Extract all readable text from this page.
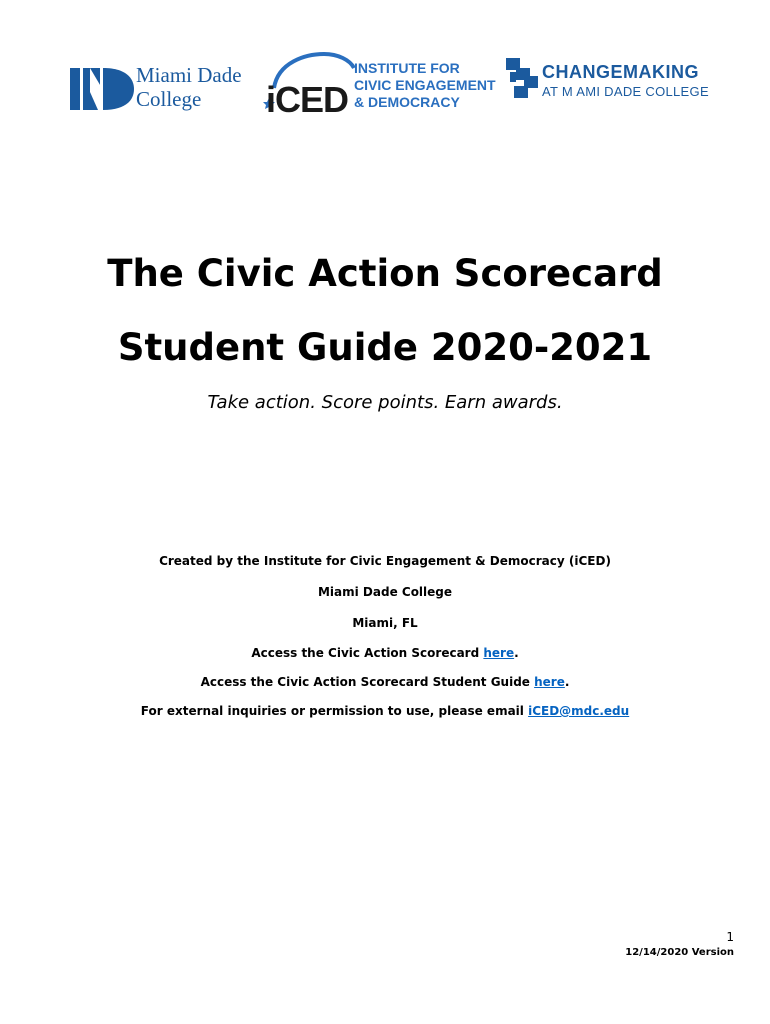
Miami Dade
College	iCED
INSTITUTE FOR
CIVIC ENGAGEMENT
& DEMOCRACY
CHANGEMAKING
AT M AMI DADE COLLEGE
The Civic Action Scorecard
Student Guide 2020-2021
Take action. Score points. Earn awards.
Created by the Institute for Civic Engagement & Democracy (iCED)
Miami Dade College
Miami, FL
Access the Civic Action Scorecard here.
Access the Civic Action Scorecard Student Guide here.
For external inquiries or permission to use, please email iCED@mdc.edu
1
12/14/2020 Version
